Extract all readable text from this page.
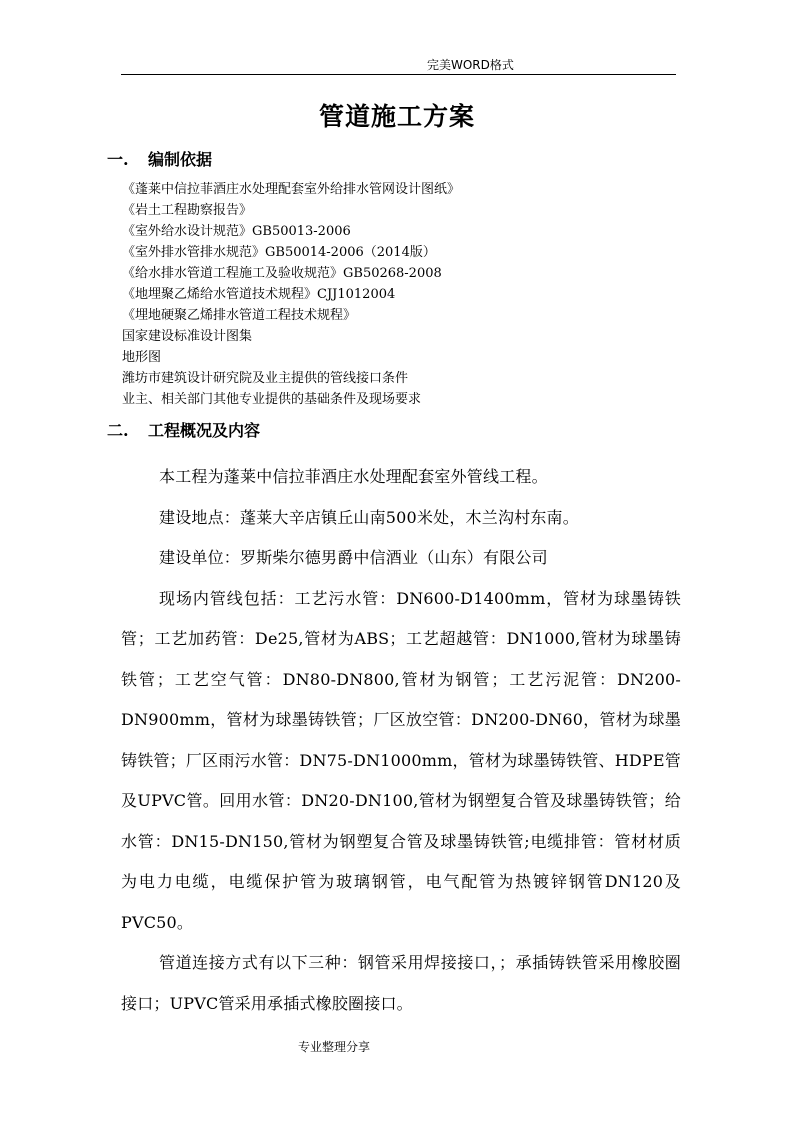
完美WORD格式
管道施工方案
一. 编制依据
《蓬莱中信拉菲酒庄水处理配套室外给排水管网设计图纸》
《岩土工程勘察报告》
《室外给水设计规范》GB50013-2006
《室外排水管排水规范》GB50014-2006（2014版）
《给水排水管道工程施工及验收规范》GB50268-2008
《地埋聚乙烯给水管道技术规程》CJJ1012004
《埋地硬聚乙烯排水管道工程技术规程》
国家建设标准设计图集
地形图
潍坊市建筑设计研究院及业主提供的管线接口条件
业主、相关部门其他专业提供的基础条件及现场要求
二. 工程概况及内容

本工程为蓬莱中信拉菲酒庄水处理配套室外管线工程。

建设地点：蓬莱大辛店镇丘山南500米处，木兰沟村东南。

建设单位：罗斯柴尔德男爵中信酒业（山东）有限公司

现场内管线包括：工艺污水管：DN600-D1400mm，管材为球墨铸铁管；工艺加药管：De25,管材为ABS；工艺超越管：DN1000,管材为球墨铸铁管；工艺空气管：DN80-DN800,管材为钢管；工艺污泥管：DN200-DN900mm，管材为球墨铸铁管；厂区放空管：DN200-DN60，管材为球墨铸铁管；厂区雨污水管：DN75-DN1000mm，管材为球墨铸铁管、HDPE管及UPVC管。回用水管：DN20-DN100,管材为钢塑复合管及球墨铸铁管；给水管：DN15-DN150,管材为钢塑复合管及球墨铸铁管;电缆排管：管材材质为电力电缆，电缆保护管为玻璃钢管，电气配管为热镀锌钢管DN120及PVC50。

管道连接方式有以下三种：钢管采用焊接接口，；承插铸铁管采用橡胶圈接口；UPVC管采用承插式橡胶圈接口。

专业整理分享
